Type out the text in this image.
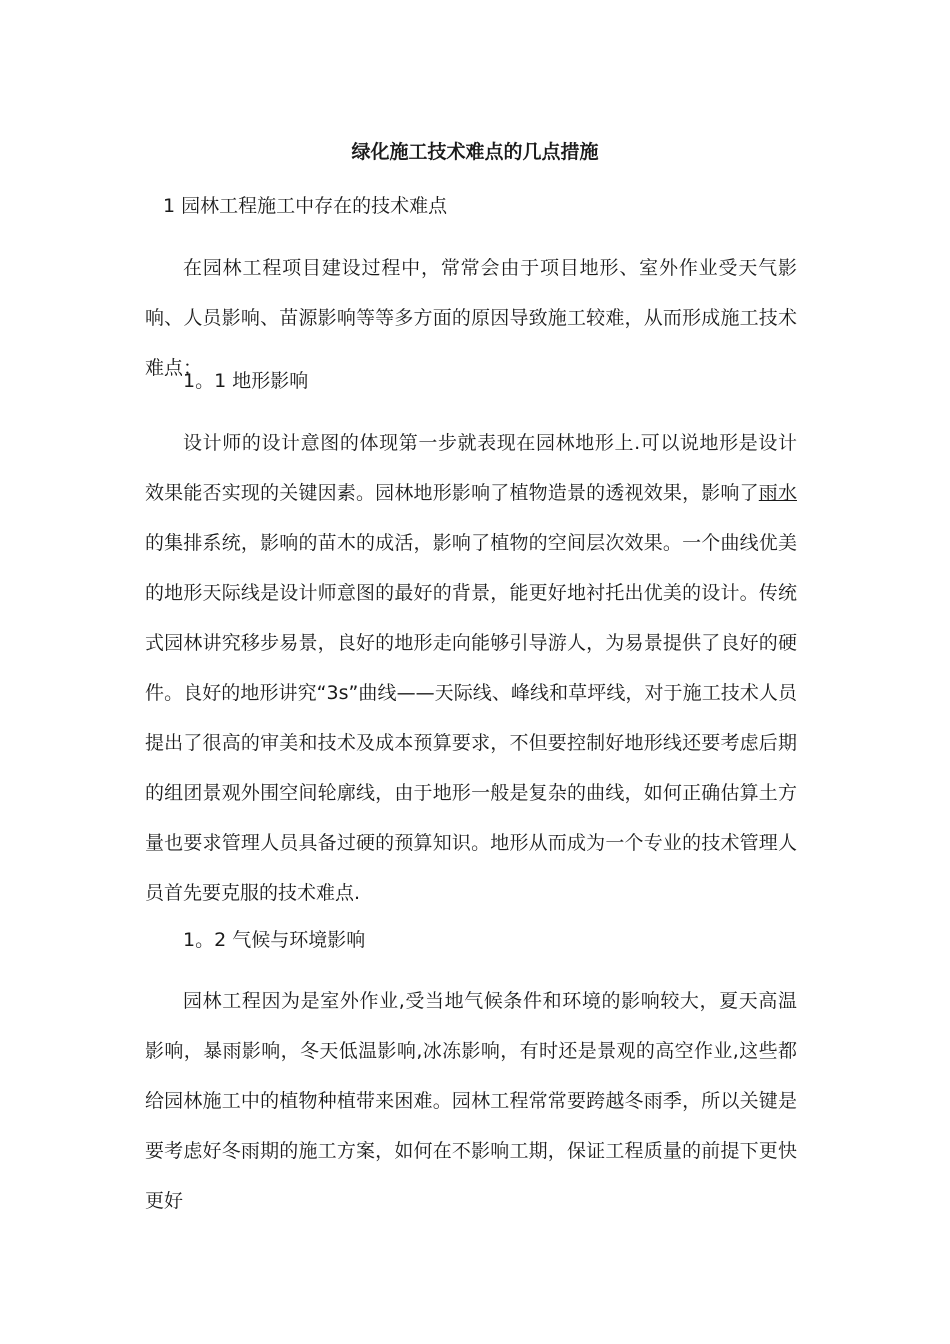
绿化施工技术难点的几点措施
1 园林工程施工中存在的技术难点
在园林工程项目建设过程中，常常会由于项目地形、室外作业受天气影响、人员影响、苗源影响等等多方面的原因导致施工较难，从而形成施工技术难点：
1。1 地形影响
设计师的设计意图的体现第一步就表现在园林地形上.可以说地形是设计效果能否实现的关键因素。园林地形影响了植物造景的透视效果，影响了雨水的集排系统，影响的苗木的成活，影响了植物的空间层次效果。一个曲线优美的地形天际线是设计师意图的最好的背景，能更好地衬托出优美的设计。传统式园林讲究移步易景，良好的地形走向能够引导游人，为易景提供了良好的硬件。良好的地形讲究“3s”曲线——天际线、峰线和草坪线，对于施工技术人员提出了很高的审美和技术及成本预算要求，不但要控制好地形线还要考虑后期的组团景观外围空间轮廓线，由于地形一般是复杂的曲线，如何正确估算土方量也要求管理人员具备过硬的预算知识。地形从而成为一个专业的技术管理人员首先要克服的技术难点.
1。2 气候与环境影响
园林工程因为是室外作业,受当地气候条件和环境的影响较大，夏天高温影响，暴雨影响，冬天低温影响,冰冻影响，有时还是景观的高空作业,这些都给园林施工中的植物种植带来困难。园林工程常常要跨越冬雨季，所以关键是要考虑好冬雨期的施工方案，如何在不影响工期，保证工程质量的前提下更快更好
